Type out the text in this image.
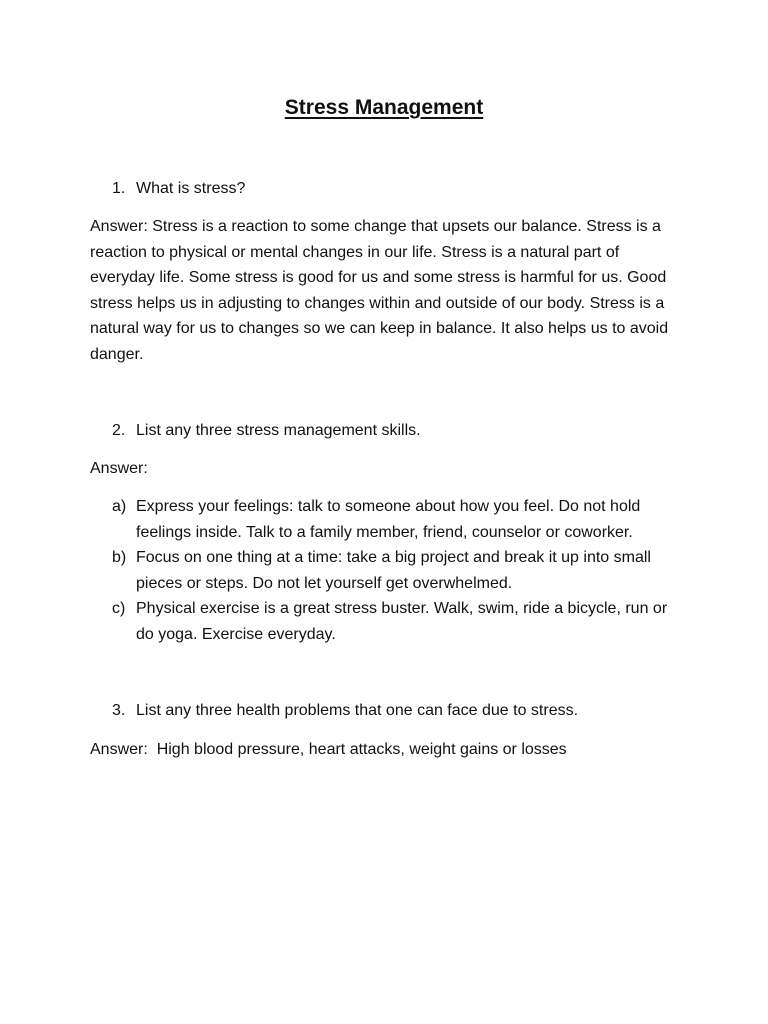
Stress Management
1. What is stress?
Answer: Stress is a reaction to some change that upsets our balance. Stress is a reaction to physical or mental changes in our life. Stress is a natural part of everyday life. Some stress is good for us and some stress is harmful for us. Good stress helps us in adjusting to changes within and outside of our body. Stress is a natural way for us to changes so we can keep in balance. It also helps us to avoid danger.
2. List any three stress management skills.
Answer:
a) Express your feelings: talk to someone about how you feel. Do not hold feelings inside. Talk to a family member, friend, counselor or coworker.
b) Focus on one thing at a time: take a big project and break it up into small pieces or steps. Do not let yourself get overwhelmed.
c) Physical exercise is a great stress buster. Walk, swim, ride a bicycle, run or do yoga. Exercise everyday.
3. List any three health problems that one can face due to stress.
Answer:  High blood pressure, heart attacks, weight gains or losses
